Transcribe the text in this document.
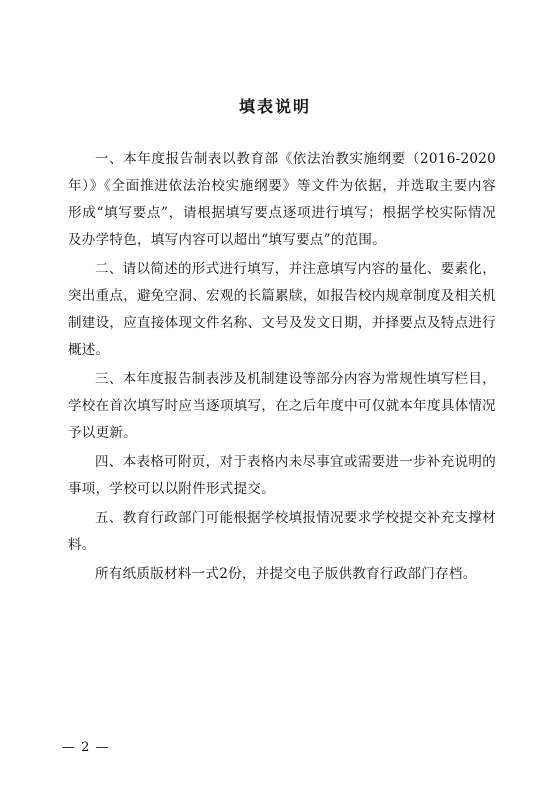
填表说明

一、本年度报告制表以教育部《依法治教实施纲要（2016-2020年）》《全面推进依法治校实施纲要》等文件为依据，并选取主要内容形成“填写要点”，请根据填写要点逐项进行填写；根据学校实际情况及办学特色，填写内容可以超出“填写要点”的范围。

二、请以简述的形式进行填写，并注意填写内容的量化、要素化，突出重点，避免空洞、宏观的长篇累牍，如报告校内规章制度及相关机制建设，应直接体现文件名称、文号及发文日期，并择要点及特点进行概述。

三、本年度报告制表涉及机制建设等部分内容为常规性填写栏目，学校在首次填写时应当逐项填写，在之后年度中可仅就本年度具体情况予以更新。

四、本表格可附页，对于表格内未尽事宜或需要进一步补充说明的事项，学校可以以附件形式提交。

五、教育行政部门可能根据学校填报情况要求学校提交补充支撑材料。

所有纸质版材料一式2份，并提交电子版供教育行政部门存档。

— 2 —
